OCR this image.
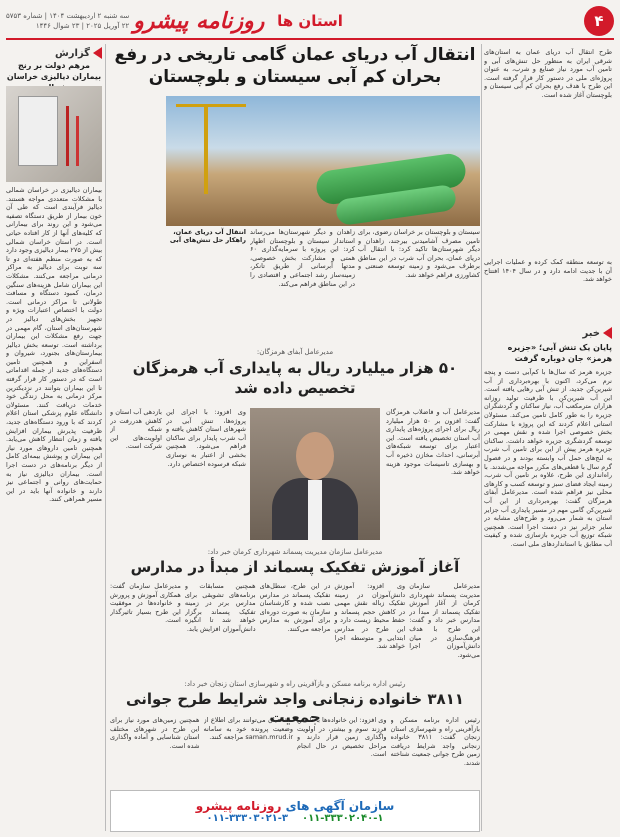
۴
استان ها
روزنامه پیشرو
سه شنبه ۲ اردیبهشت ۱۴۰۴ | شماره ۵۷۵۳
۲۲ آوریل ۲۰۲۵ | ۲۳ شوال ۱۴۴۶
انتقال آب دریای عمان گامی تاریخی در رفع بحران کم آبی سیستان و بلوچستان
طرح انتقال آب دریای عمان به استان‌های شرقی ایران به منظور حل تنش‌های آبی و تامین آب مورد نیاز صنایع و شرب، به عنوان پروژه‌ای ملی در دستور کار قرار گرفته است. این طرح با هدف رفع بحران کم آبی سیستان و بلوچستان آغاز شده است.
انتقال آب دریای عمان، راهکار حل تنش‌های آبی
زاهدان و دیگر شهرستان‌ها می‌رساند استاندار سیستان و بلوچستان اظهار کرد: این پروژه با سرمایه‌گذاری ۶۰ همتی و مشارکت بخش خصوصی، مدتها آبرسانی از طریق تانکر، زمینه‌ساز رشد اجتماعی و اقتصادی را در این مناطق فراهم می‌کند.
سیستان و بلوچستان بر خراسان رضوی، برای تامین مصرف آشامیدنی بیرجند، زاهدان و دیگر شهرستان‌ها تاکید کرد: با انتقال آب دریای عمان، بحران آب شرب در این مناطق برطرف می‌شود و زمینه توسعه صنعتی و کشاورزی فراهم خواهد شد.
به توسعه منطقه کمک کرده و عملیات اجرایی آن با جدیت ادامه دارد و در سال ۱۴۰۴ افتتاح خواهد شد.
گزارش
مرهم دولت بر رنج بیماران دیالیزی خراسان
بیماران دیالیزی در خراسان شمالی با مشکلات متعددی مواجه هستند. دیالیز فرآیندی است که طی آن خون بیمار از طریق دستگاه تصفیه می‌شود و این روند برای بیمارانی که کلیه‌های آنها از کار افتاده حیاتی است. در استان خراسان شمالی بیش از ۲۷۵ بیمار دیالیزی وجود دارد که به صورت منظم هفته‌ای دو تا سه نوبت برای دیالیز به مراکز درمانی مراجعه می‌کنند. مشکلات این بیماران شامل هزینه‌های سنگین درمان، کمبود دستگاه و مسافت طولانی تا مراکز درمانی است. دولت با اختصاص اعتبارات ویژه و تجهیز بخش‌های دیالیز در شهرستان‌های استان، گام مهمی در جهت رفع مشکلات این بیماران برداشته است. توسعه بخش دیالیز بیمارستان‌های بجنورد، شیروان و اسفراین و همچنین تامین دستگاه‌های جدید از جمله اقداماتی است که در دستور کار قرار گرفته تا این بیماران بتوانند در نزدیکترین مرکز درمانی به محل زندگی خود خدمات دریافت کنند. مسئولان دانشگاه علوم پزشکی استان اعلام کردند که با ورود دستگاه‌های جدید، ظرفیت پذیرش بیماران افزایش یافته و زمان انتظار کاهش می‌یابد. همچنین تامین داروهای مورد نیاز این بیماران و پوشش بیمه‌ای کامل از دیگر برنامه‌های در دست اجرا است. بیماران دیالیزی نیاز به حمایت‌های روانی و اجتماعی نیز دارند و خانواده آنها باید در این مسیر همراهی کنند.
مدیرعامل آبفای هرمزگان:
۵۰ هزار میلیارد ریال به پایداری آب هرمزگان تخصیص داده شد
مدیرعامل آب و فاضلاب هرمزگان گفت: افزون بر ۵۰ هزار میلیارد ریال برای اجرای پروژه‌های پایداری آب استان تخصیص یافته است. این اعتبار برای توسعه شبکه‌های آبرسانی، احداث مخازن ذخیره آب و بهسازی تاسیسات موجود هزینه خواهد شد.
وی افزود: با اجرای این پروژه‌ها، تنش آبی در شهرهای استان کاهش یافته و آب شرب پایدار برای ساکنان فراهم می‌شود. همچنین بخشی از اعتبار به نوسازی شبکه فرسوده اختصاص دارد.
بازدهی آب استان و کاهش هدررفت در شبکه از اولویت‌های این شرکت است.
خبر
پایان یک تنش آبی؛ «جزیره هرمز» جان دوباره گرفت
جزیره هرمز که سال‌ها با کم‌آبی دست و پنجه نرم می‌کرد، اکنون با بهره‌برداری از آب شیرین‌کن جدید، از تنش آبی رهایی یافته است. این آب شیرین‌کن با ظرفیت تولید روزانه هزاران مترمکعب آب، نیاز ساکنان و گردشگران جزیره را به طور کامل تامین می‌کند. مسئولان استانی اعلام کردند که این پروژه با مشارکت بخش خصوصی اجرا شده و نقش مهمی در توسعه گردشگری جزیره خواهد داشت. ساکنان جزیره هرمز پیش از این برای تامین آب شرب به لنج‌های حمل آب وابسته بودند و در فصول گرم سال با قطعی‌های مکرر مواجه می‌شدند. با راه‌اندازی این طرح، علاوه بر تامین آب شرب، زمینه ایجاد فضای سبز و توسعه کسب و کارهای محلی نیز فراهم شده است. مدیرعامل آبفای هرمزگان گفت: بهره‌برداری از این آب شیرین‌کن گامی مهم در مسیر پایداری آب جزایر استان به شمار می‌رود و طرح‌های مشابه در سایر جزایر نیز در دست اجرا است. همچنین شبکه توزیع آب جزیره بازسازی شده و کیفیت آب مطابق با استانداردهای ملی است.
مدیرعامل سازمان مدیریت پسماند شهرداری کرمان خبر داد:
آغاز آموزش تفکیک پسماند از مبدأ در مدارس
مدیرعامل سازمان مدیریت پسماند شهرداری کرمان از آغاز آموزش تفکیک پسماند از مبدأ در مدارس خبر داد و گفت: این طرح با هدف فرهنگ‌سازی در میان دانش‌آموزان اجرا می‌شود.
وی افزود: آموزش دانش‌آموزان در زمینه تفکیک زباله نقش مهمی در کاهش حجم پسماند و حفظ محیط زیست دارد و این طرح در مدارس ابتدایی و متوسطه اجرا خواهد شد.
در این طرح، سطل‌های تفکیک پسماند در مدارس نصب شده و کارشناسان سازمان به صورت دوره‌ای برای آموزش به مدارس مراجعه می‌کنند.
همچنین مسابقات و برنامه‌های تشویقی برای مدارس برتر در زمینه تفکیک پسماند برگزار خواهد شد تا انگیزه دانش‌آموزان افزایش یابد.
مدیرعامل سازمان گفت: همکاری آموزش و پرورش و خانواده‌ها در موفقیت این طرح بسیار تاثیرگذار است.
رئیس اداره برنامه مسکن و بازآفرینی راه و شهرسازی استان زنجان خبر داد:
۳۸۱۱ خانواده زنجانی واجد شرایط طرح جوانی جمعیت	رئیس اداره برنامه مسکن و بازآفرینی راه و شهرسازی استان زنجان گفت: ۳۸۱۱ خانواده زنجانی واجد شرایط دریافت زمین طرح جوانی جمعیت شناخته شدند.
وی افزود: این خانواده‌ها با داشتن فرزند سوم و بیشتر، در اولویت واگذاری زمین قرار دارند و مراحل تخصیص در حال انجام است.
متقاضیان می‌توانند برای اطلاع از وضعیت پرونده خود به سامانه saman.mrud.ir مراجعه کنند.
همچنین زمین‌های مورد نیاز برای این طرح در شهرهای مختلف استان شناسایی و آماده واگذاری شده است.
سازمان آگهی های روزنامه پیشرو
۰۱۱-۳۳۳۰۳۰۲۱-۳ ۰۱۱-۳۳۳۰۲۰۴۰-۱
